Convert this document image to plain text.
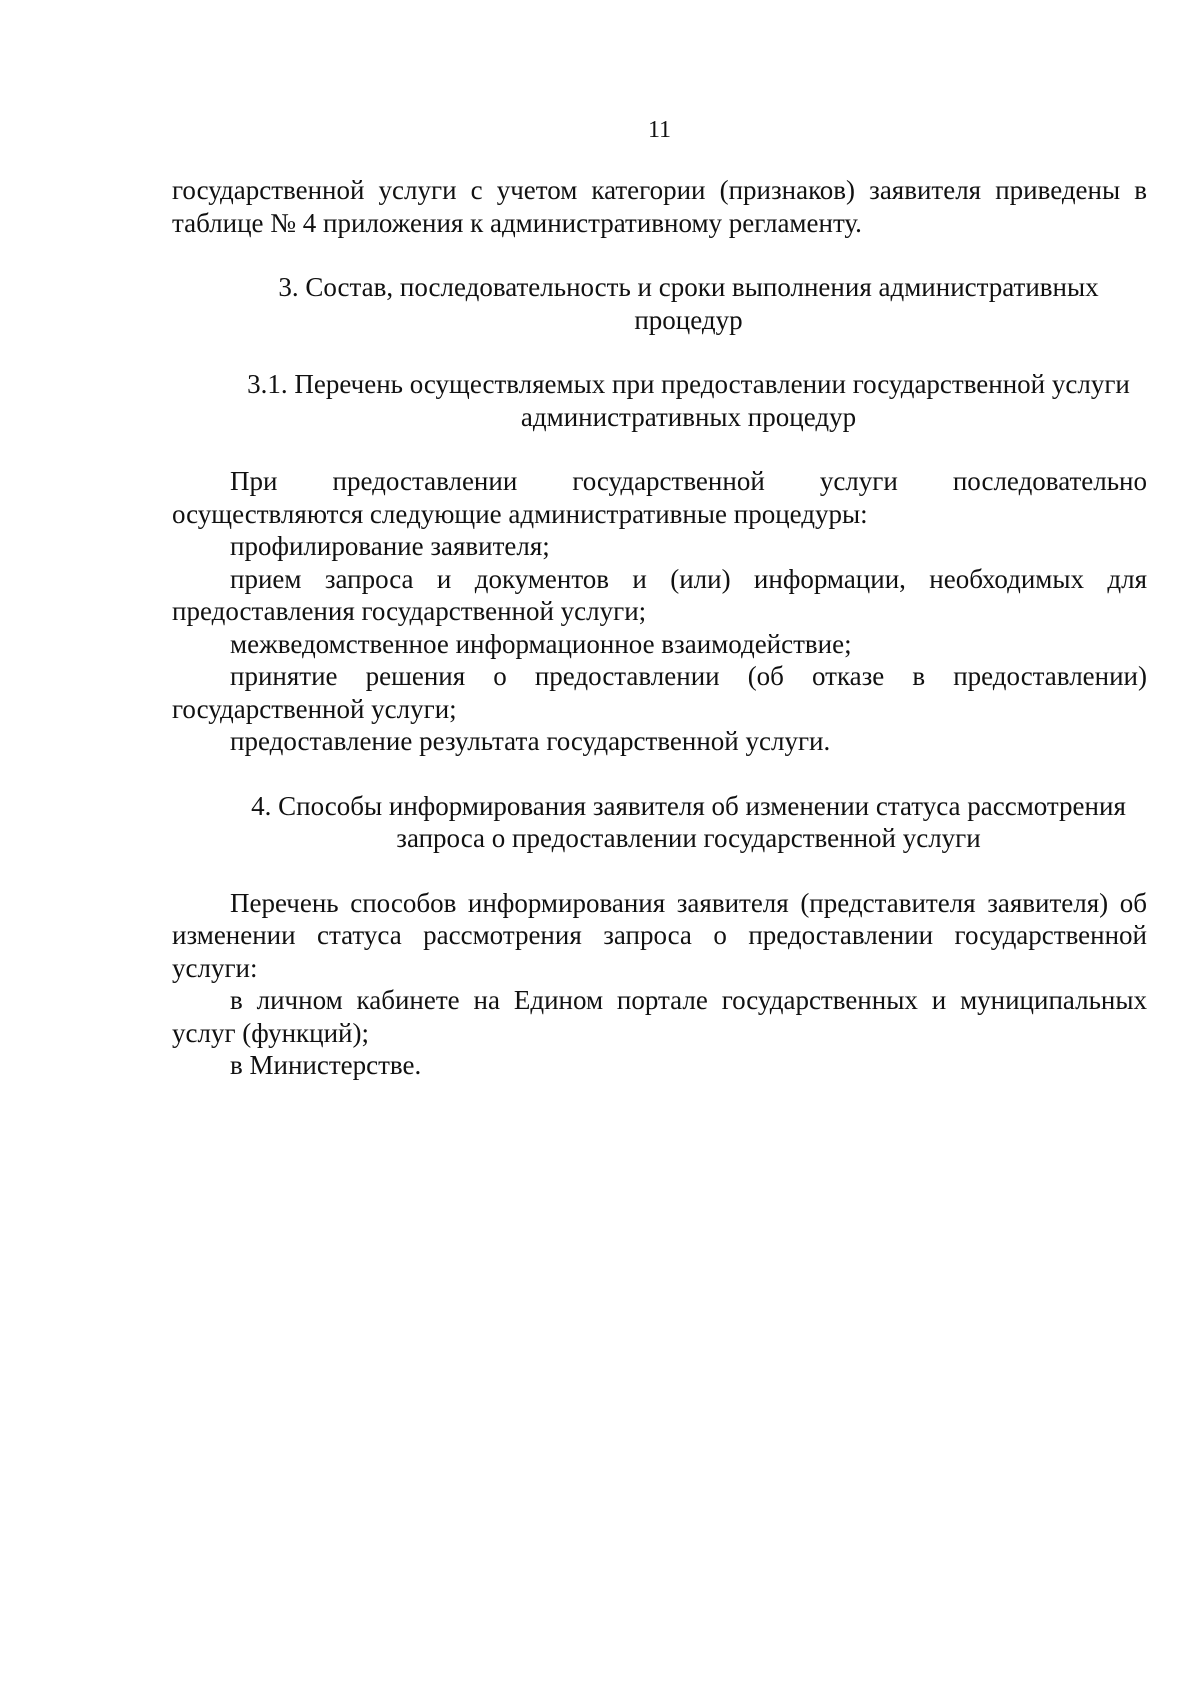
11

государственной услуги с учетом категории (признаков) заявителя приведены в таблице № 4 приложения к административному регламенту.

3. Состав, последовательность и сроки выполнения административных процедур
3.1. Перечень осуществляемых при предоставлении государственной услуги административных процедур

При предоставлении государственной услуги последовательно осуществляются следующие административные процедуры:

профилирование заявителя;

прием запроса и документов и (или) информации, необходимых для предоставления государственной услуги;

межведомственное информационное взаимодействие;

принятие решения о предоставлении (об отказе в предоставлении) государственной услуги;

предоставление результата государственной услуги.

4. Способы информирования заявителя об изменении статуса рассмотрения запроса о предоставлении государственной услуги

Перечень способов информирования заявителя (представителя заявителя) об изменении статуса рассмотрения запроса о предоставлении государственной услуги:

в личном кабинете на Едином портале государственных и муниципальных услуг (функций);

в Министерстве.
